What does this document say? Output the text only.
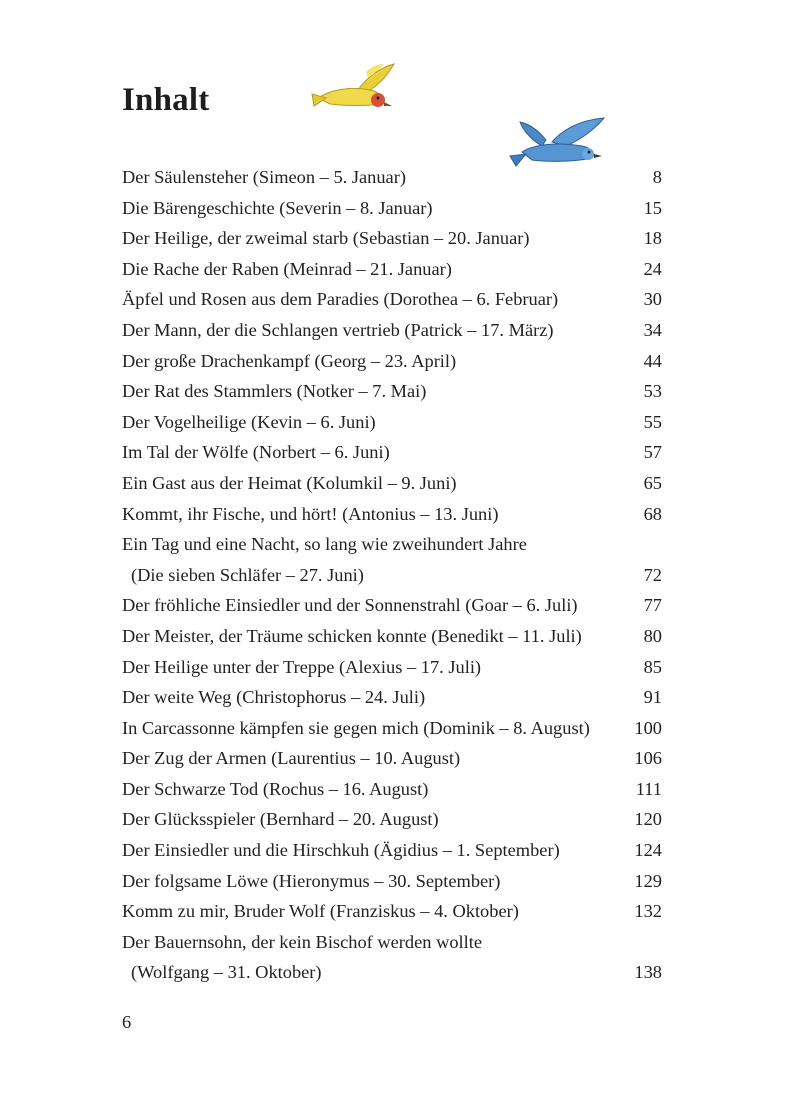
Inhalt
Der Säulensteher (Simeon – 5. Januar)	8
Die Bärengeschichte (Severin – 8. Januar)	15
Der Heilige, der zweimal starb (Sebastian – 20. Januar)	18
Die Rache der Raben (Meinrad – 21. Januar)	24
Äpfel und Rosen aus dem Paradies (Dorothea – 6. Februar)	30
Der Mann, der die Schlangen vertrieb (Patrick – 17. März)	34
Der große Drachenkampf (Georg – 23. April)	44
Der Rat des Stammlers (Notker – 7. Mai)	53
Der Vogelheilige (Kevin – 6. Juni)	55
Im Tal der Wölfe (Norbert – 6. Juni)	57
Ein Gast aus der Heimat (Kolumkil – 9. Juni)	65
Kommt, ihr Fische, und hört! (Antonius – 13. Juni)	68
Ein Tag und eine Nacht, so lang wie zweihundert Jahre
(Die sieben Schläfer – 27. Juni)	72
Der fröhliche Einsiedler und der Sonnenstrahl (Goar – 6. Juli)	77
Der Meister, der Träume schicken konnte (Benedikt – 11. Juli)	80
Der Heilige unter der Treppe (Alexius – 17. Juli)	85
Der weite Weg (Christophorus – 24. Juli)	91
In Carcassonne kämpfen sie gegen mich (Dominik – 8. August)	100
Der Zug der Armen (Laurentius – 10. August)	106
Der Schwarze Tod (Rochus – 16. August)	111
Der Glücksspieler (Bernhard – 20. August)	120
Der Einsiedler und die Hirschkuh (Ägidius – 1. September)	124
Der folgsame Löwe (Hieronymus – 30. September)	129
Komm zu mir, Bruder Wolf (Franziskus – 4. Oktober)	132
Der Bauernsohn, der kein Bischof werden wollte
(Wolfgang – 31. Oktober)	138
6
